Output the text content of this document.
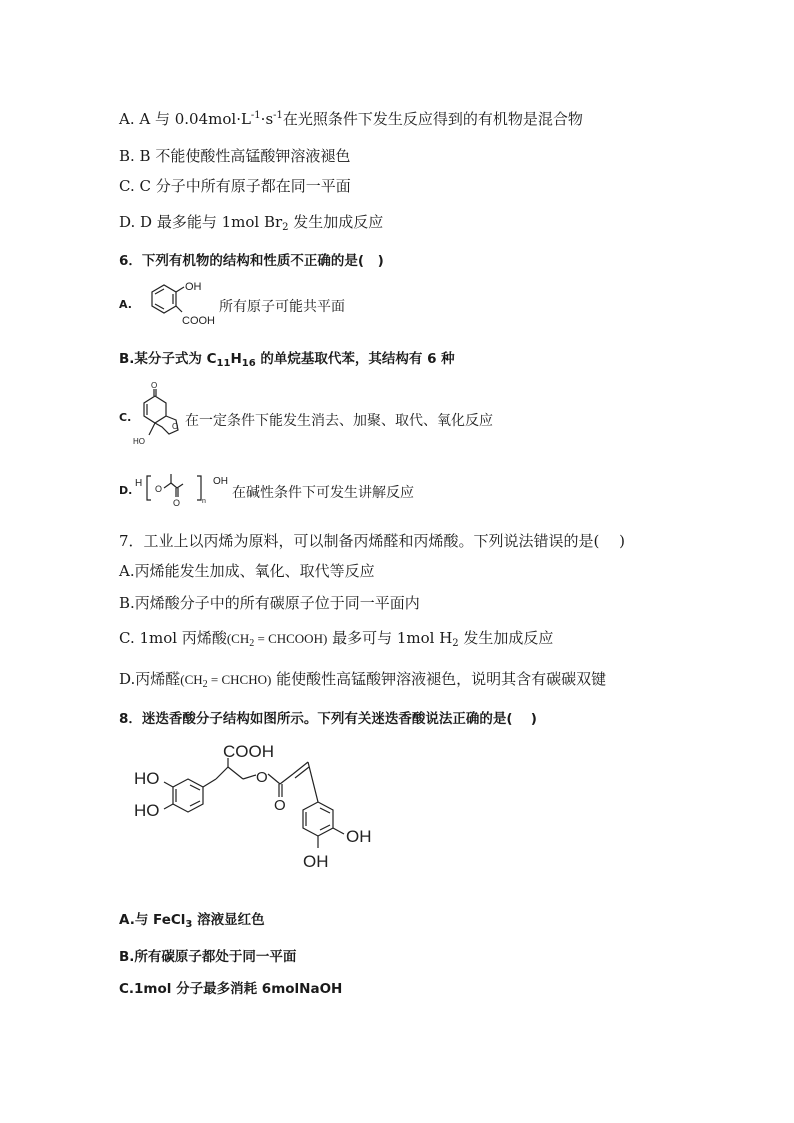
A. A 与 $0.04mol\cdot L^{-1}\cdot s^{-1}$在光照条件下发生反应得到的有机物是混合物
B. B 不能使酸性高锰酸钾溶液褪色
C. C 分子中所有原子都在同一平面
D. D 最多能与 1mol $Br_2$ 发生加成反应
6．下列有机物的结构和性质不正确的是(　)
A.
OH
COOH
所有原子可能共平面
B.某分子式为 $C_{11}H_{16}$ 的单烷基取代苯，其结构有 6 种
C.
O
O
HO
在一定条件下能发生消去、加聚、取代、氧化反应
D.
H O
O	n
OH
在碱性条件下可发生讲解反应
7．工业上以丙烯为原料，可以制备丙烯醛和丙烯酸。下列说法错误的是(　 )
A.丙烯能发生加成、氧化、取代等反应
B.丙烯酸分子中的所有碳原子位于同一平面内
C. 1mol 丙烯酸($CH_2$ = CHCOOH) 最多可与 1mol $H_2$ 发生加成反应
D.丙烯醛($CH_2$ = CHCHO) 能使酸性高锰酸钾溶液褪色，说明其含有碳碳双键
8．迷迭香酸分子结构如图所示。下列有关迷迭香酸说法正确的是(　 )
HO
HO
COOH
O
O
OH
OH
A.与 FeCl$_3$ 溶液显红色
B.所有碳原子都处于同一平面
C.1mol 分子最多消耗 6molNaOH
